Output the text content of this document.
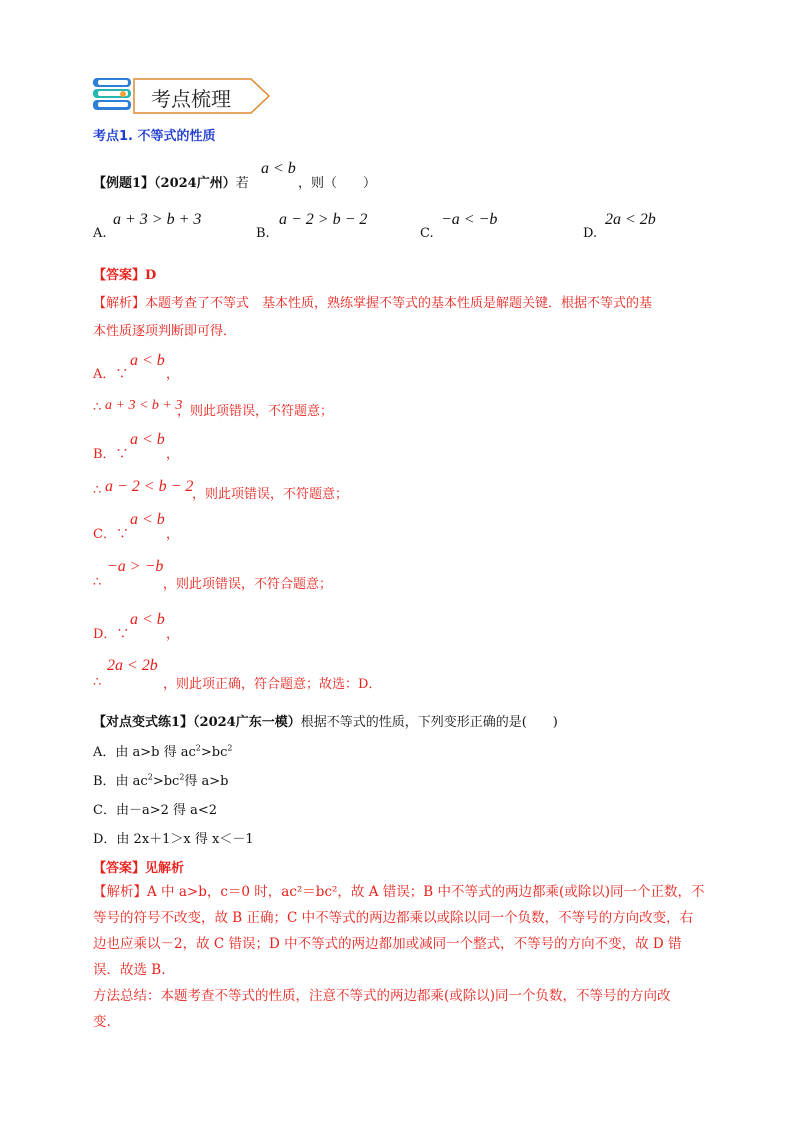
考点梳理
考点1. 不等式的性质
【例题1】（2024广州）若
a < b
，则（　　）
A.
a + 3 > b + 3
B.
a − 2 > b − 2
C.
−a < −b
D.
2a < 2b
【答案】D
【解析】本题考查了不等式　基本性质，熟练掌握不等式的基本性质是解题关键．根据不等式的基
本性质逐项判断即可得．
A．∵
a < b
，
∴ a + 3 < b + 3
，则此项错误，不符题意；
B．∵
a < b
，
∴ a − 2 < b − 2
，则此项错误，不符题意；
C．∵
a < b
，
∴
−a > −b
，则此项错误，不符合题意；
D．∵
a < b
，
∴
2a < 2b
，则此项正确，符合题意；故选：D．
【对点变式练1】（2024广东一模）根据不等式的性质，下列变形正确的是(　　)
A．由 a>b 得 $ac^2>bc^2$
B．由 $ac^2>bc^2$得 a>b
C．由－a>2 得 a<2
D．由 2x＋1＞x 得 x＜－1
【答案】见解析
【解析】A 中 a>b，c＝0 时，ac²＝bc²，故 A 错误；B 中不等式的两边都乘(或除以)同一个正数，不
等号的符号不改变，故 B 正确；C 中不等式的两边都乘以或除以同一个负数，不等号的方向改变，右
边也应乘以－2，故 C 错误；D 中不等式的两边都加或减同一个整式，不等号的方向不变，故 D 错
误．故选 B.
方法总结：本题考查不等式的性质，注意不等式的两边都乘(或除以)同一个负数，不等号的方向改
变.
